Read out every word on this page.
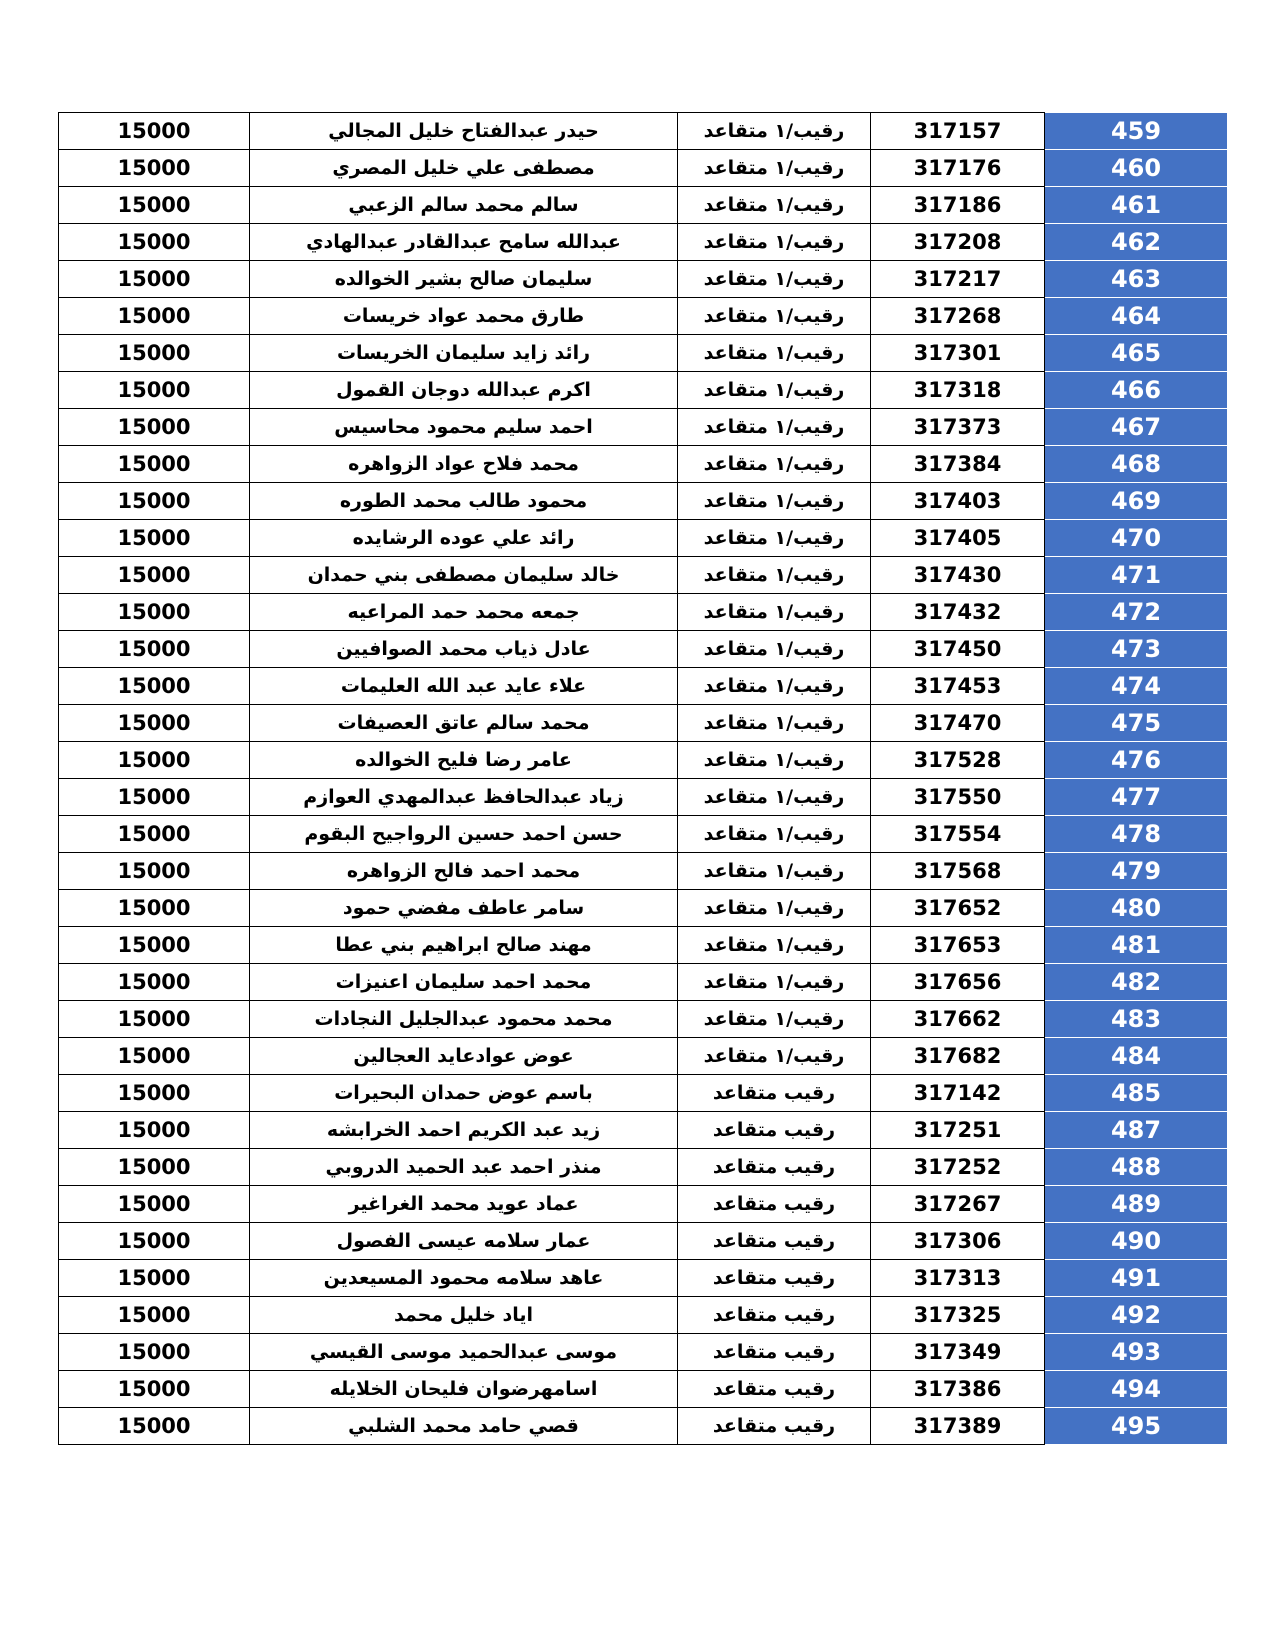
15000	حيدر عبدالفتاح خليل المجالي	رقيب/١ متقاعد	317157	459
15000	مصطفى علي خليل المصري	رقيب/١ متقاعد	317176	460
15000	سالم محمد سالم الزعبي	رقيب/١ متقاعد	317186	461
15000	عبدالله سامح عبدالقادر عبدالهادي	رقيب/١ متقاعد	317208	462
15000	سليمان صالح بشير الخوالده	رقيب/١ متقاعد	317217	463
15000	طارق محمد عواد خريسات	رقيب/١ متقاعد	317268	464
15000	رائد زايد سليمان الخريسات	رقيب/١ متقاعد	317301	465
15000	اكرم عبدالله دوجان القمول	رقيب/١ متقاعد	317318	466
15000	احمد سليم محمود محاسيس	رقيب/١ متقاعد	317373	467
15000	محمد فلاح عواد الزواهره	رقيب/١ متقاعد	317384	468
15000	محمود طالب محمد الطوره	رقيب/١ متقاعد	317403	469
15000	رائد علي عوده الرشايده	رقيب/١ متقاعد	317405	470
15000	خالد سليمان مصطفى بني حمدان	رقيب/١ متقاعد	317430	471
15000	جمعه محمد حمد المراعيه	رقيب/١ متقاعد	317432	472
15000	عادل ذياب محمد الصوافيين	رقيب/١ متقاعد	317450	473
15000	علاء عايد عبد الله العليمات	رقيب/١ متقاعد	317453	474
15000	محمد سالم عاتق العصيفات	رقيب/١ متقاعد	317470	475
15000	عامر رضا فليح الخوالده	رقيب/١ متقاعد	317528	476
15000	زياد عبدالحافظ عبدالمهدي العوازم	رقيب/١ متقاعد	317550	477
15000	حسن احمد حسين الرواجيح البقوم	رقيب/١ متقاعد	317554	478
15000	محمد احمد فالح الزواهره	رقيب/١ متقاعد	317568	479
15000	سامر عاطف مفضي حمود	رقيب/١ متقاعد	317652	480
15000	مهند صالح ابراهيم بني عطا	رقيب/١ متقاعد	317653	481
15000	محمد احمد سليمان اعنيزات	رقيب/١ متقاعد	317656	482
15000	محمد محمود عبدالجليل النجادات	رقيب/١ متقاعد	317662	483
15000	عوض عوادعايد العجالين	رقيب/١ متقاعد	317682	484
15000	باسم عوض حمدان البحيرات	رقيب متقاعد	317142	485
15000	زيد عبد الكريم احمد الخرابشه	رقيب متقاعد	317251	487
15000	منذر احمد عبد الحميد الدروبي	رقيب متقاعد	317252	488
15000	عماد عويد محمد الغراغير	رقيب متقاعد	317267	489
15000	عمار سلامه عيسى الفصول	رقيب متقاعد	317306	490
15000	عاهد سلامه محمود المسيعدين	رقيب متقاعد	317313	491
15000	اياد خليل محمد	رقيب متقاعد	317325	492
15000	موسى عبدالحميد موسى القيسي	رقيب متقاعد	317349	493
15000	اسامهرضوان فليحان الخلايله	رقيب متقاعد	317386	494
15000	قصي حامد محمد الشلبي	رقيب متقاعد	317389	495
